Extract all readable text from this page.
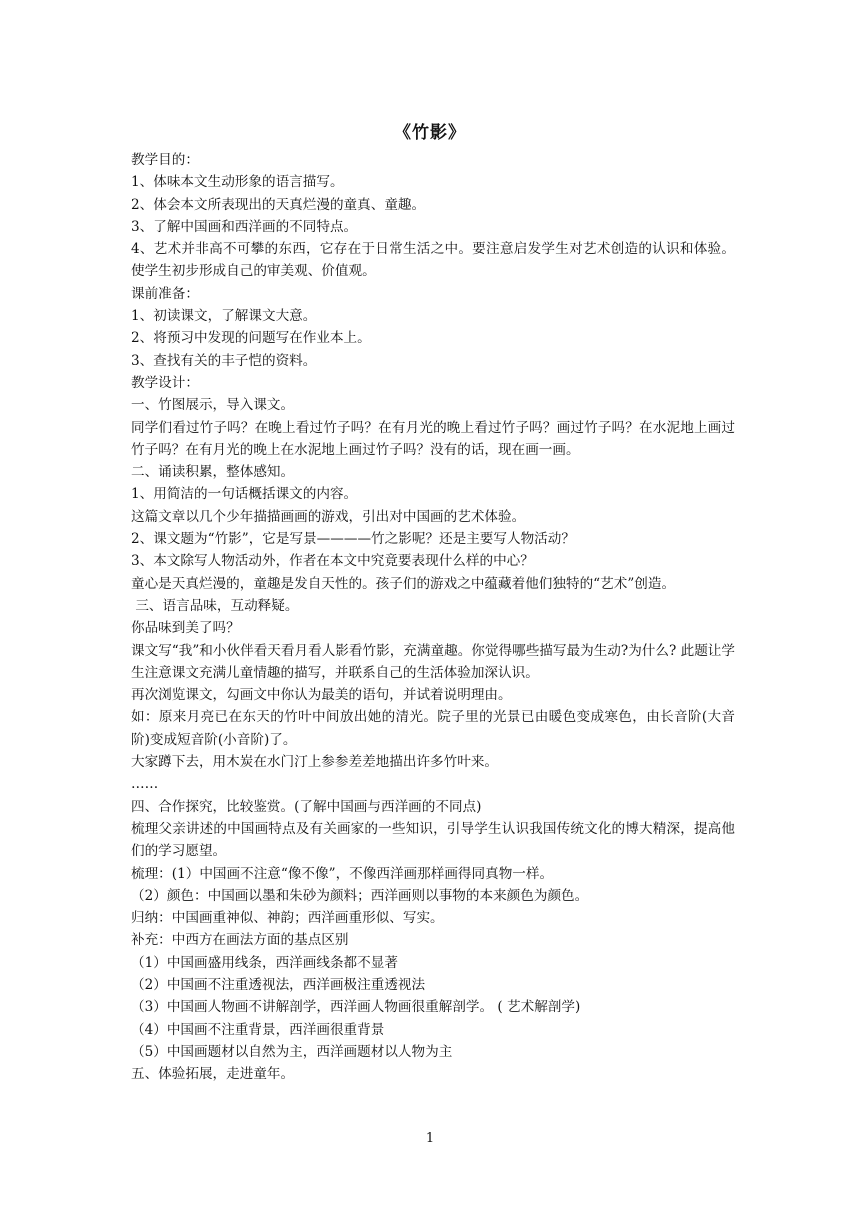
《竹影》
教学目的：
1、体味本文生动形象的语言描写。
2、体会本文所表现出的天真烂漫的童真、童趣。
3、了解中国画和西洋画的不同特点。
4、艺术并非高不可攀的东西，它存在于日常生活之中。要注意启发学生对艺术创造的认识和体验。使学生初步形成自己的审美观、价值观。
课前准备：
1、初读课文，了解课文大意。
2、将预习中发现的问题写在作业本上。
3、查找有关的丰子恺的资料。
教学设计：
一、竹图展示，导入课文。
同学们看过竹子吗？在晚上看过竹子吗？在有月光的晚上看过竹子吗？画过竹子吗？在水泥地上画过竹子吗？在有月光的晚上在水泥地上画过竹子吗？没有的话，现在画一画。
二、诵读积累，整体感知。
1、用简洁的一句话概括课文的内容。
这篇文章以几个少年描描画画的游戏，引出对中国画的艺术体验。
2、课文题为“竹影”，它是写景————竹之影呢？还是主要写人物活动？
3、本文除写人物活动外，作者在本文中究竟要表现什么样的中心？
童心是天真烂漫的，童趣是发自天性的。孩子们的游戏之中蕴藏着他们独特的“艺术”创造。
三、语言品味，互动释疑。
你品味到美了吗？
课文写“我”和小伙伴看天看月看人影看竹影，充满童趣。你觉得哪些描写最为生动?为什么? 此题让学生注意课文充满儿童情趣的描写，并联系自己的生活体验加深认识。
再次浏览课文，勾画文中你认为最美的语句，并试着说明理由。
如：原来月亮已在东天的竹叶中间放出她的清光。院子里的光景已由暖色变成寒色，由长音阶(大音阶)变成短音阶(小音阶)了。
大家蹲下去，用木炭在水门汀上参参差差地描出许多竹叶来。
……
四、合作探究，比较鉴赏。(了解中国画与西洋画的不同点)
梳理父亲讲述的中国画特点及有关画家的一些知识，引导学生认识我国传统文化的博大精深，提高他们的学习愿望。
梳理：(1）中国画不注意“像不像”，不像西洋画那样画得同真物一样。
（2）颜色：中国画以墨和朱砂为颜料；西洋画则以事物的本来颜色为颜色。
归纳：中国画重神似、神韵；西洋画重形似、写实。
补充：中西方在画法方面的基点区别
（1）中国画盛用线条，西洋画线条都不显著
（2）中国画不注重透视法，西洋画极注重透视法
（3）中国画人物画不讲解剖学，西洋画人物画很重解剖学。 ( 艺术解剖学)
（4）中国画不注重背景，西洋画很重背景
（5）中国画题材以自然为主，西洋画题材以人物为主
五、体验拓展，走进童年。
1
